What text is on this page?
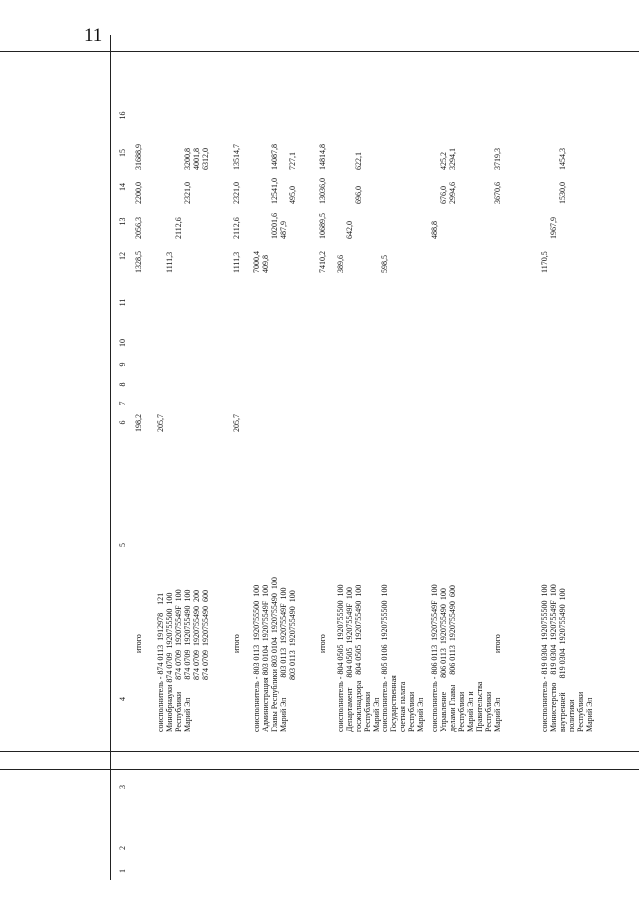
11
1
2
3
4
5
6
7
8
9
10
11
12
13
14
15
16
итого
198,2
1328,5
2056,3
2200,0
31688,9
соисполнитель - 874 0113  1912978    121
Минобрнауки 874 0709  1920755500  100
Республики      874 0709  192075549F  100
Марий Эл         874 0709  1920755490  100
874 0709  1920755490  200
874 0709  1920755490  600
205,7

1111,3

2112,6

2321,0

3200,8
4001,8
6312,0
итого
205,7
1111,3
2112,6
2321,0
13514,7
соисполнитель - 803 0113  1920755500  100
Администрация 803 0104  192075549F  100
Главы Республики 803 0104  1920755490  100
Марий Эл          803 0113  192075549F  100
803 0113  1920755490  100
7000,4
409,8

10201,6
487,9

12541,0

495,0

14087,8

727,1
итого
7410,2
10689,5
13036,0
14814,8
соисполнитель - 804 0505  1920755500  100
Департамент     804 0505  192075549F  100
госжилнадзора   804 0505  1920755490  100
Республики
Марий Эл
389,6

642,0

696,0

622,1
соисполнитель - 805 0106  1920755500  100
Государственная
счетная палата
Республики
Марий Эл
598,5
соисполнитель - 806 0113  192075549F  100
Управление       806 0113  1920755490  100
делами Главы     806 0113  1920755490  600
Республики
Марий Эл и
Правительства
Республики
Марий Эл
488,8

676,0
2994,6

425,2
3294,1
итого
3670,6
3719,3
соисполнитель - 819 0304  1920755500  100
Министерство    819 0304  192075549F  100
внутренней       819 0304  1920755490  100
политики
Республики
Марий Эл
1170,5

1967,9

1530,0

1454,3
